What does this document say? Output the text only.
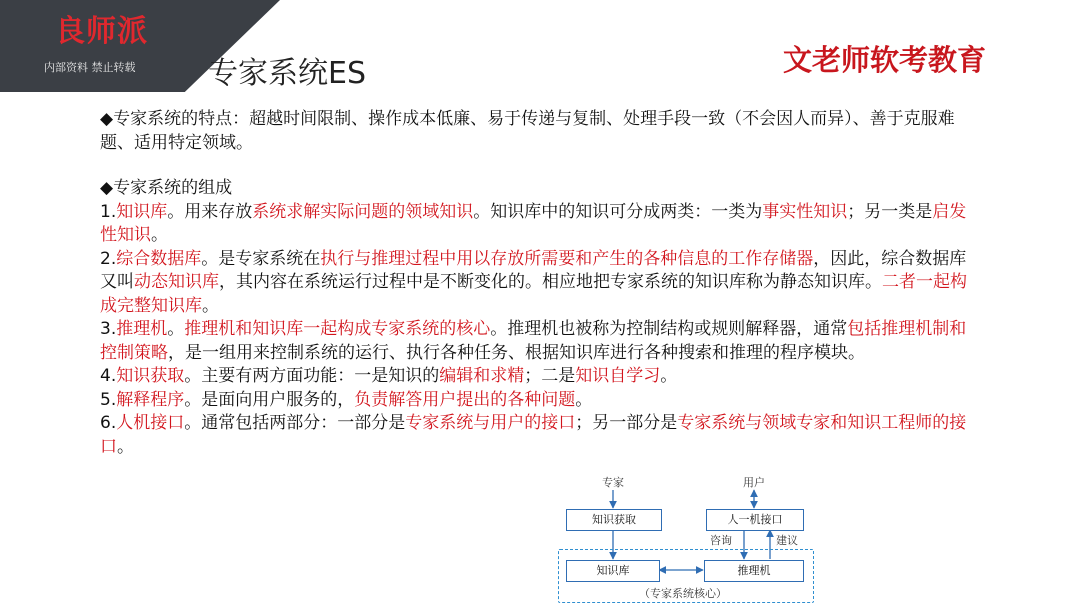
良师派
内部资料 禁止转载 专家系统ES	文老师软考教育

◆专家系统的特点：超越时间限制、操作成本低廉、易于传递与复制、处理手段一致（不会因人而异）、善于克服难题、适用特定领域。

◆专家系统的组成

1.知识库。用来存放系统求解实际问题的领域知识。知识库中的知识可分成两类：一类为事实性知识；另一类是启发性知识。

2.综合数据库。是专家系统在执行与推理过程中用以存放所需要和产生的各种信息的工作存储器，因此，综合数据库又叫动态知识库，其内容在系统运行过程中是不断变化的。相应地把专家系统的知识库称为静态知识库。二者一起构成完整知识库。

3.推理机。推理机和知识库一起构成专家系统的核心。推理机也被称为控制结构或规则解释器，通常包括推理机制和控制策略，是一组用来控制系统的运行、执行各种任务、根据知识库进行各种搜索和推理的程序模块。

4.知识获取。主要有两方面功能：一是知识的编辑和求精；二是知识自学习。

5.解释程序。是面向用户服务的，负责解答用户提出的各种问题。

6.人机接口。通常包括两部分：一部分是专家系统与用户的接口；另一部分是专家系统与领域专家和知识工程师的接口。

专家	用户
知识获取	人一机接口
咨询	建议
知识库	推理机
（专家系统核心）
